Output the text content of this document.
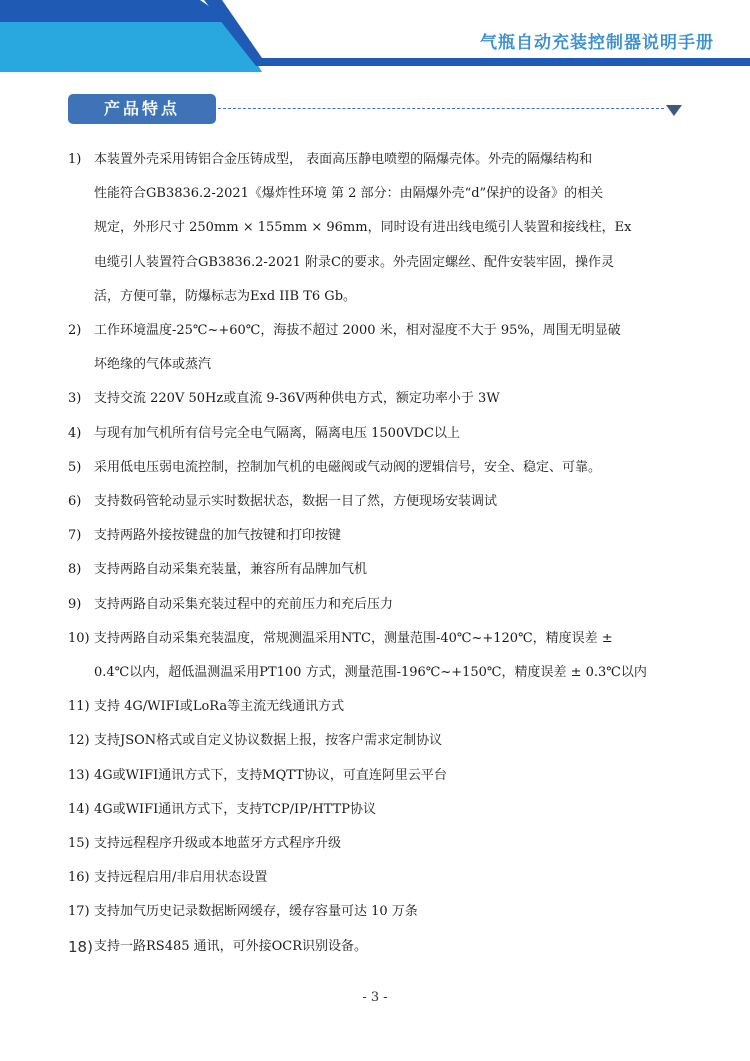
气瓶自动充装控制器说明手册
产品特点
1) 本装置外壳采用铸铝合金压铸成型， 表面高压静电喷塑的隔爆壳体。外壳的隔爆结构和
性能符合GB3836.2-2021《爆炸性环境 第 2 部分：由隔爆外壳“d”保护的设备》的相关
规定，外形尺寸 250mm × 155mm × 96mm，同时设有进出线电缆引人装置和接线柱，Ex
电缆引人装置符合GB3836.2-2021 附录C的要求。外壳固定螺丝、配件安装牢固，操作灵
活，方便可靠，防爆标志为Exd IIB T6 Gb。
2) 工作环境温度-25℃~+60℃，海拔不超过 2000 米，相对湿度不大于 95%，周围无明显破
坏绝缘的气体或蒸汽
3) 支持交流 220V 50Hz或直流 9-36V两种供电方式，额定功率小于 3W
4) 与现有加气机所有信号完全电气隔离，隔离电压 1500VDC以上
5) 采用低电压弱电流控制，控制加气机的电磁阀或气动阀的逻辑信号，安全、稳定、可靠。
6) 支持数码管轮动显示实时数据状态，数据一目了然，方便现场安装调试
7) 支持两路外接按键盘的加气按键和打印按键
8) 支持两路自动采集充装量，兼容所有品牌加气机
9) 支持两路自动采集充装过程中的充前压力和充后压力
10) 支持两路自动采集充装温度，常规测温采用NTC，测量范围-40℃~+120℃，精度误差 ±
0.4℃以内，超低温测温采用PT100 方式，测量范围-196℃~+150℃，精度误差 ± 0.3℃以内
11) 支持 4G/WIFI或LoRa等主流无线通讯方式
12) 支持JSON格式或自定义协议数据上报，按客户需求定制协议
13) 4G或WIFI通讯方式下，支持MQTT协议，可直连阿里云平台
14) 4G或WIFI通讯方式下，支持TCP/IP/HTTP协议
15) 支持远程程序升级或本地蓝牙方式程序升级
16) 支持远程启用/非启用状态设置
17) 支持加气历史记录数据断网缓存，缓存容量可达 10 万条
18) 支持一路RS485 通讯，可外接OCR识别设备。
- 3 -
